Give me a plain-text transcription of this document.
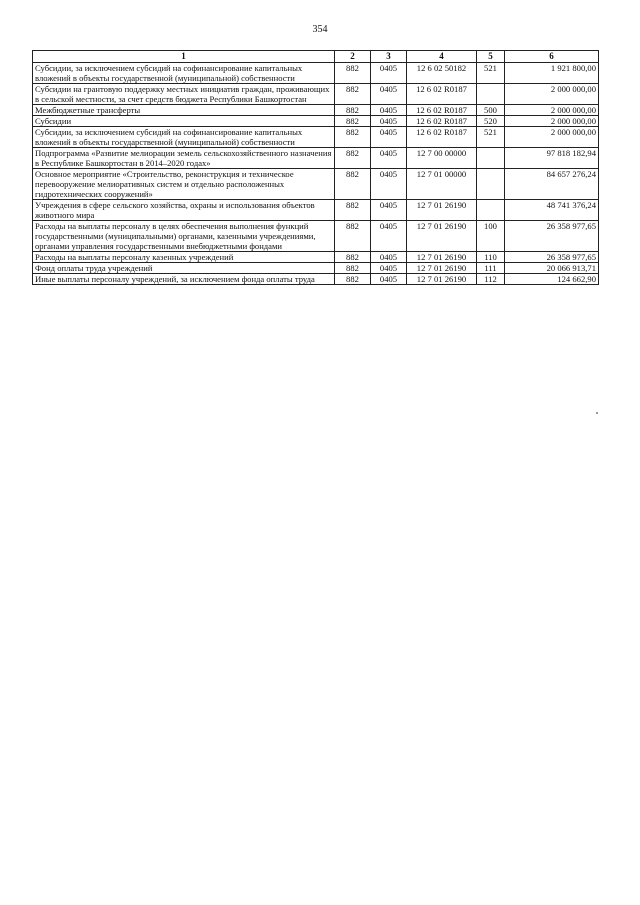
354
1	2	3	4	5	6
Субсидии, за исключением субсидий на софинансирование капитальных вложений в объекты государственной (муниципальной) собственности	882	0405	12 6 02 50182	521	1 921 800,00
Субсидии на грантовую поддержку местных инициатив граждан, проживающих в сельской местности, за счет средств бюджета Республики Башкортостан	882	0405	12 6 02 R0187		2 000 000,00
Межбюджетные трансферты	882	0405	12 6 02 R0187	500	2 000 000,00
Субсидии	882	0405	12 6 02 R0187	520	2 000 000,00
Субсидии, за исключением субсидий на софинансирование капитальных вложений в объекты государственной (муниципальной) собственности	882	0405	12 6 02 R0187	521	2 000 000,00
Подпрограмма «Развитие мелиорации земель сельскохозяйственного назначения в Республике Башкортостан в 2014–2020 годах»	882	0405	12 7 00 00000		97 818 182,94
Основное мероприятие «Строительство, реконструкция и техническое перевооружение мелиоративных систем и отдельно расположенных гидротехнических сооружений»	882	0405	12 7 01 00000		84 657 276,24
Учреждения в сфере сельского хозяйства, охраны и использования объектов животного мира	882	0405	12 7 01 26190		48 741 376,24
Расходы на выплаты персоналу в целях обеспечения выполнения функций государственными (муниципальными) органами, казенными учреждениями, органами управления государственными внебюджетными фондами	882	0405	12 7 01 26190	100	26 358 977,65
Расходы на выплаты персоналу казенных учреждений	882	0405	12 7 01 26190	110	26 358 977,65
Фонд оплаты труда учреждений	882	0405	12 7 01 26190	111	20 066 913,71
Иные выплаты персоналу учреждений, за исключением фонда оплаты труда	882	0405	12 7 01 26190	112	124 662,90
